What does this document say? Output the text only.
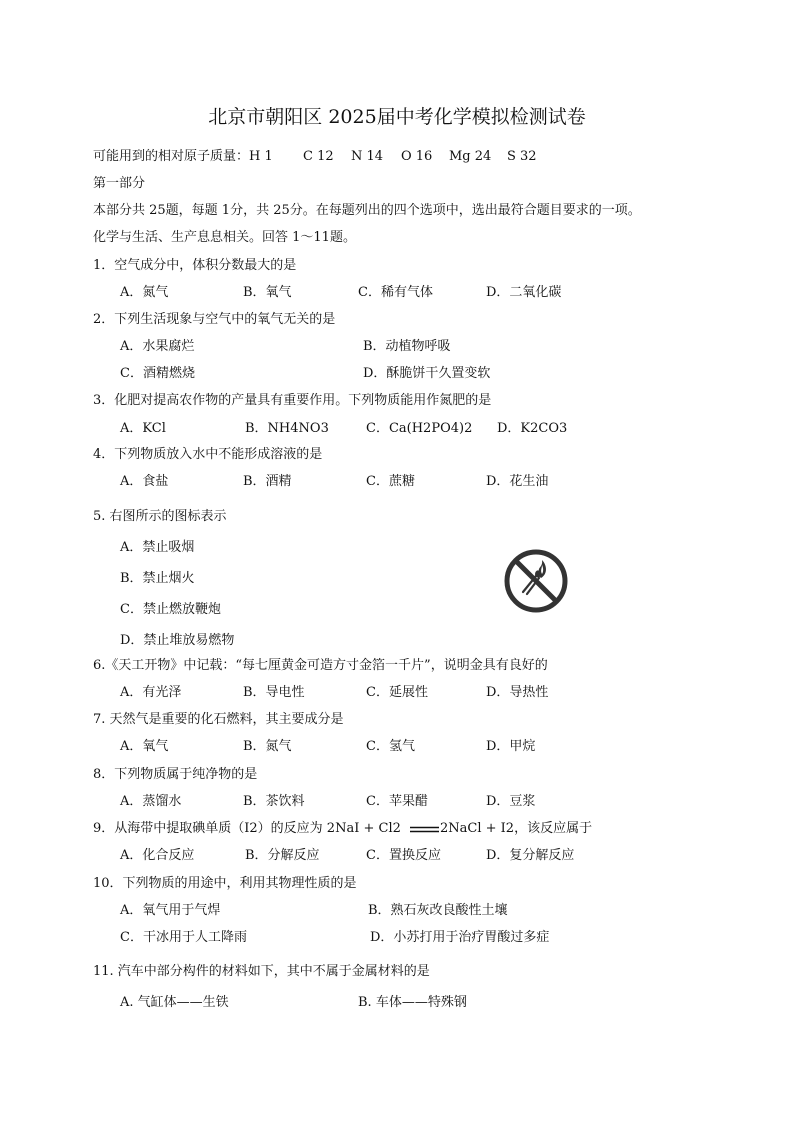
北京市朝阳区 2025届中考化学模拟检测试卷
可能用到的相对原子质量：H 1 C 12 N 14 O 16 Mg 24 S 32
第一部分
本部分共 25题，每题 1分，共 25分。在每题列出的四个选项中，选出最符合题目要求的一项。
化学与生活、生产息息相关。回答 1～11题。
1．空气成分中，体积分数最大的是
A．氮气	B．氧气	C．稀有气体	D．二氧化碳
2．下列生活现象与空气中的氧气无关的是
A．水果腐烂	B．动植物呼吸
C．酒精燃烧	D．酥脆饼干久置变软
3．化肥对提高农作物的产量具有重要作用。下列物质能用作氮肥的是
A．KCl	B．NH4NO3	C．Ca(H2PO4)2 D．K2CO3
4．下列物质放入水中不能形成溶液的是
A．食盐	B．酒精	C．蔗糖	D．花生油
5. 右图所示的图标表示
A．禁止吸烟
B．禁止烟火
C．禁止燃放鞭炮
D．禁止堆放易燃物
6.《天工开物》中记载：“每七厘黄金可造方寸金箔一千片”，说明金具有良好的
A．有光泽	B．导电性	C．延展性	D．导热性
7. 天然气是重要的化石燃料，其主要成分是
A．氧气	B．氮气	C．氢气	D．甲烷
8．下列物质属于纯净物的是
A．蒸馏水	B．茶饮料	C．苹果醋	D．豆浆
9．从海带中提取碘单质（I2）的反应为 2NaI + Cl2	2NaCl + I2，该反应属于
A．化合反应	B．分解反应	C．置换反应	D．复分解反应
10．下列物质的用途中，利用其物理性质的是
A．氧气用于气焊	B．熟石灰改良酸性土壤
C．干冰用于人工降雨	D．小苏打用于治疗胃酸过多症
11. 汽车中部分构件的材料如下，其中不属于金属材料的是
A. 气缸体——生铁	B. 车体——特殊钢
